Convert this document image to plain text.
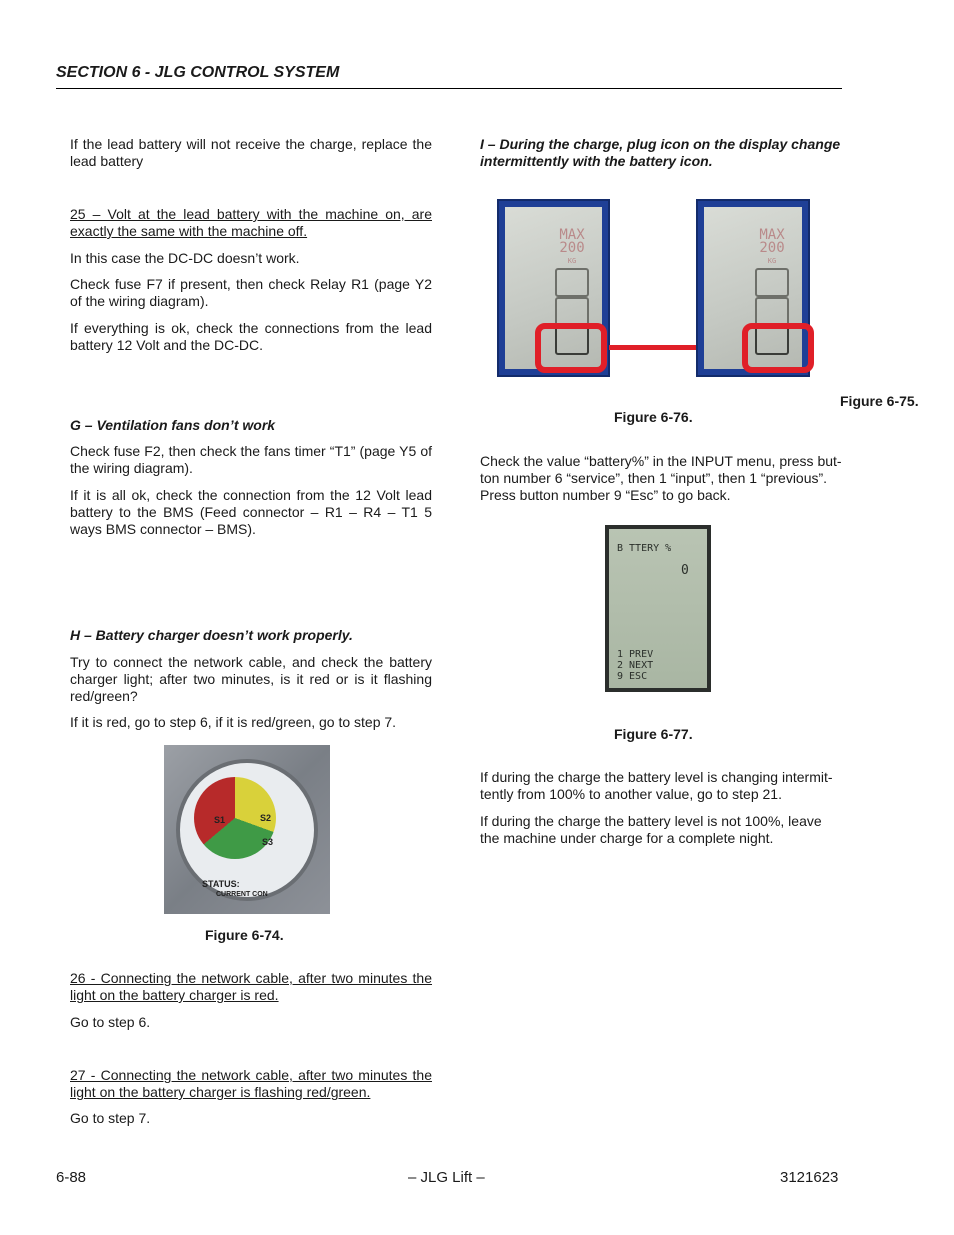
SECTION 6 - JLG CONTROL SYSTEM

If the lead battery will not receive the charge, replace the lead battery

25 – Volt at the lead battery with the machine on, are exactly the same with the machine off.

In this case the DC-DC doesn’t work.

Check fuse F7 if present, then check Relay R1 (page Y2 of the wiring diagram).

If everything is ok, check the connections from the lead battery 12 Volt and the DC-DC.

G – Ventilation fans don’t work

Check fuse F2, then check the fans timer “T1” (page Y5 of the wiring diagram).

If it is all ok, check the connection from the 12 Volt lead battery to the BMS (Feed connector – R1 – R4 – T1 5 ways BMS connector – BMS).

H – Battery charger doesn’t work properly.

Try to connect the network cable, and check the battery charger light; after two minutes, is it red or is it flashing red/green?

If it is red, go to step 6, if it is red/green, go to step 7.

S1	S2
S3
STATUS:
CURRENT CON
Figure 6-74.

26 - Connecting the network cable, after two minutes the light on the battery charger is red.

Go to step 6.

27 - Connecting the network cable, after two minutes the light on the battery charger is flashing red/green.

Go to step 7.

I – During the charge, plug icon on the display change intermittently with the battery icon.

MAX
200
KG
MAX
200
KG
Figure 6-75.
Figure 6-76.

Check the value “battery%” in the INPUT menu, press but-ton number 6 “service”, then 1 “input”, then 1 “previous”. Press button number 9 “Esc” to go back.

B TTERY %
0
1 PREV
2 NEXT
9 ESC
Figure 6-77.

If during the charge the battery level is changing intermit-tently from 100% to another value, go to step 21.

If during the charge the battery level is not 100%, leave the machine under charge for a complete night.

6-88	– JLG Lift –	3121623
